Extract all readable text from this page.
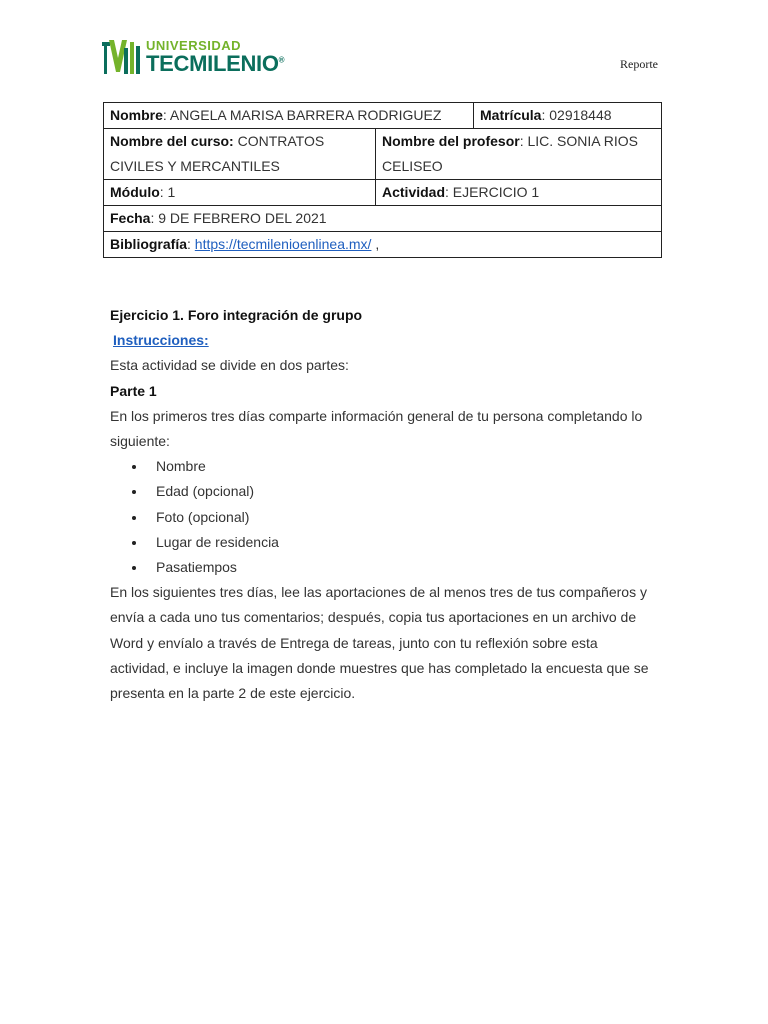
UNIVERSIDAD
TECMILENIO®	Reporte
Nombre: ANGELA MARISA BARRERA RODRIGUEZ		Matrícula: 02918448
Nombre del curso: CONTRATOS CIVILES Y MERCANTILES	Nombre del profesor: LIC. SONIA RIOS CELISEO	
Módulo: 1	Actividad: EJERCICIO 1	
Fecha: 9 DE FEBRERO DEL 2021		
Bibliografía: https://tecmilenioenlinea.mx/ ,		

Ejercicio 1. Foro integración de grupo

Instrucciones:

Esta actividad se divide en dos partes:

Parte 1

En los primeros tres días comparte información general de tu persona completando lo siguiente:

Nombre
Edad (opcional)
Foto (opcional)
Lugar de residencia
Pasatiempos

En los siguientes tres días, lee las aportaciones de al menos tres de tus compañeros y envía a cada uno tus comentarios; después, copia tus aportaciones en un archivo de Word y envíalo a través de Entrega de tareas, junto con tu reflexión sobre esta actividad, e incluye la imagen donde muestres que has completado la encuesta que se presenta en la parte 2 de este ejercicio.
